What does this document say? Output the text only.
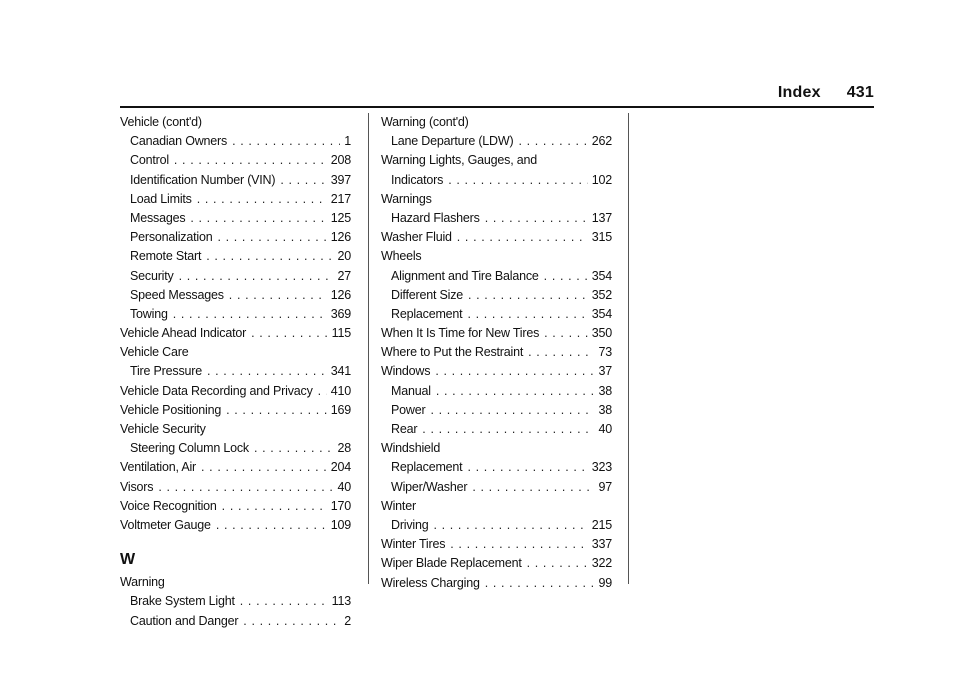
Index 431
Vehicle (cont'd)
Canadian Owners . . .	1
Control . . .	208
Identification Number (VIN) . . .	397
Load Limits . . .	217
Messages . . .	125
Personalization . . .	126
Remote Start . . .	20
Security . . .	27
Speed Messages . . .	126
Towing . . .	369
Vehicle Ahead Indicator . . .	115
Vehicle Care
Tire Pressure . . .	341
Vehicle Data Recording and Privacy . . . 410
Vehicle Positioning . . .	169
Vehicle Security
Steering Column Lock . . .	28
Ventilation, Air . . .	204
Visors . . .	40
Voice Recognition . . .	170
Voltmeter Gauge . . .	109
W
Warning
Brake System Light . . .	113
Caution and Danger . . .	2
Warning (cont'd)
Lane Departure (LDW) . . .	262
Warning Lights, Gauges, and
Indicators . . .	102
Warnings
Hazard Flashers . . .	137
Washer Fluid . . .	315
Wheels
Alignment and Tire Balance . . .	354
Different Size . . .	352
Replacement . . .	354
When It Is Time for New Tires . . .	350
Where to Put the Restraint . . .	73
Windows . . .	37
Manual . . .	38
Power . . .	38
Rear . . .	40
Windshield
Replacement . . .	323
Wiper/Washer . . .	97
Winter
Driving . . .	215
Winter Tires . . .	337
Wiper Blade Replacement . . .	322
Wireless Charging . . .	99
